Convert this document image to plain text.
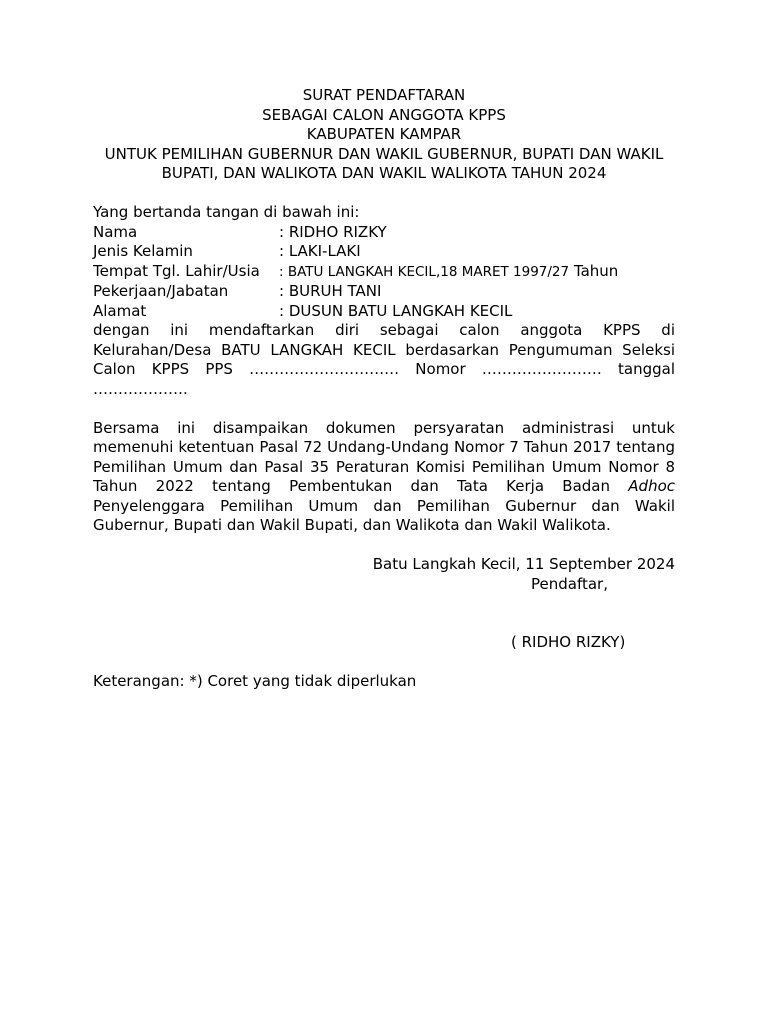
SURAT PENDAFTARAN
SEBAGAI CALON ANGGOTA KPPS
KABUPATEN KAMPAR
UNTUK PEMILIHAN GUBERNUR DAN WAKIL GUBERNUR, BUPATI DAN WAKIL BUPATI, DAN WALIKOTA DAN WAKIL WALIKOTA TAHUN 2024
Yang bertanda tangan di bawah ini:
Nama	: RIDHO RIZKY
Jenis Kelamin	: LAKI-LAKI
Tempat Tgl. Lahir/Usia	: BATU LANGKAH KECIL,18 MARET 1997/27 Tahun
Pekerjaan/Jabatan	: BURUH TANI
Alamat	: DUSUN BATU LANGKAH KECIL
dengan ini mendaftarkan diri sebagai calon anggota KPPS di
Kelurahan/Desa BATU LANGKAH KECIL berdasarkan Pengumuman Seleksi
Calon KPPS PPS ………………………… Nomor …………………… tanggal
……………….
Bersama ini disampaikan dokumen persyaratan administrasi untuk memenuhi ketentuan Pasal 72 Undang-Undang Nomor 7 Tahun 2017 tentang Pemilihan Umum dan Pasal 35 Peraturan Komisi Pemilihan Umum Nomor 8 Tahun 2022 tentang Pembentukan dan Tata Kerja Badan Adhoc Penyelenggara Pemilihan Umum dan Pemilihan Gubernur dan Wakil Gubernur, Bupati dan Wakil Bupati, dan Walikota dan Wakil Walikota.
Batu Langkah Kecil, 11 September 2024
Pendaftar,
( RIDHO RIZKY)
Keterangan: *) Coret yang tidak diperlukan
